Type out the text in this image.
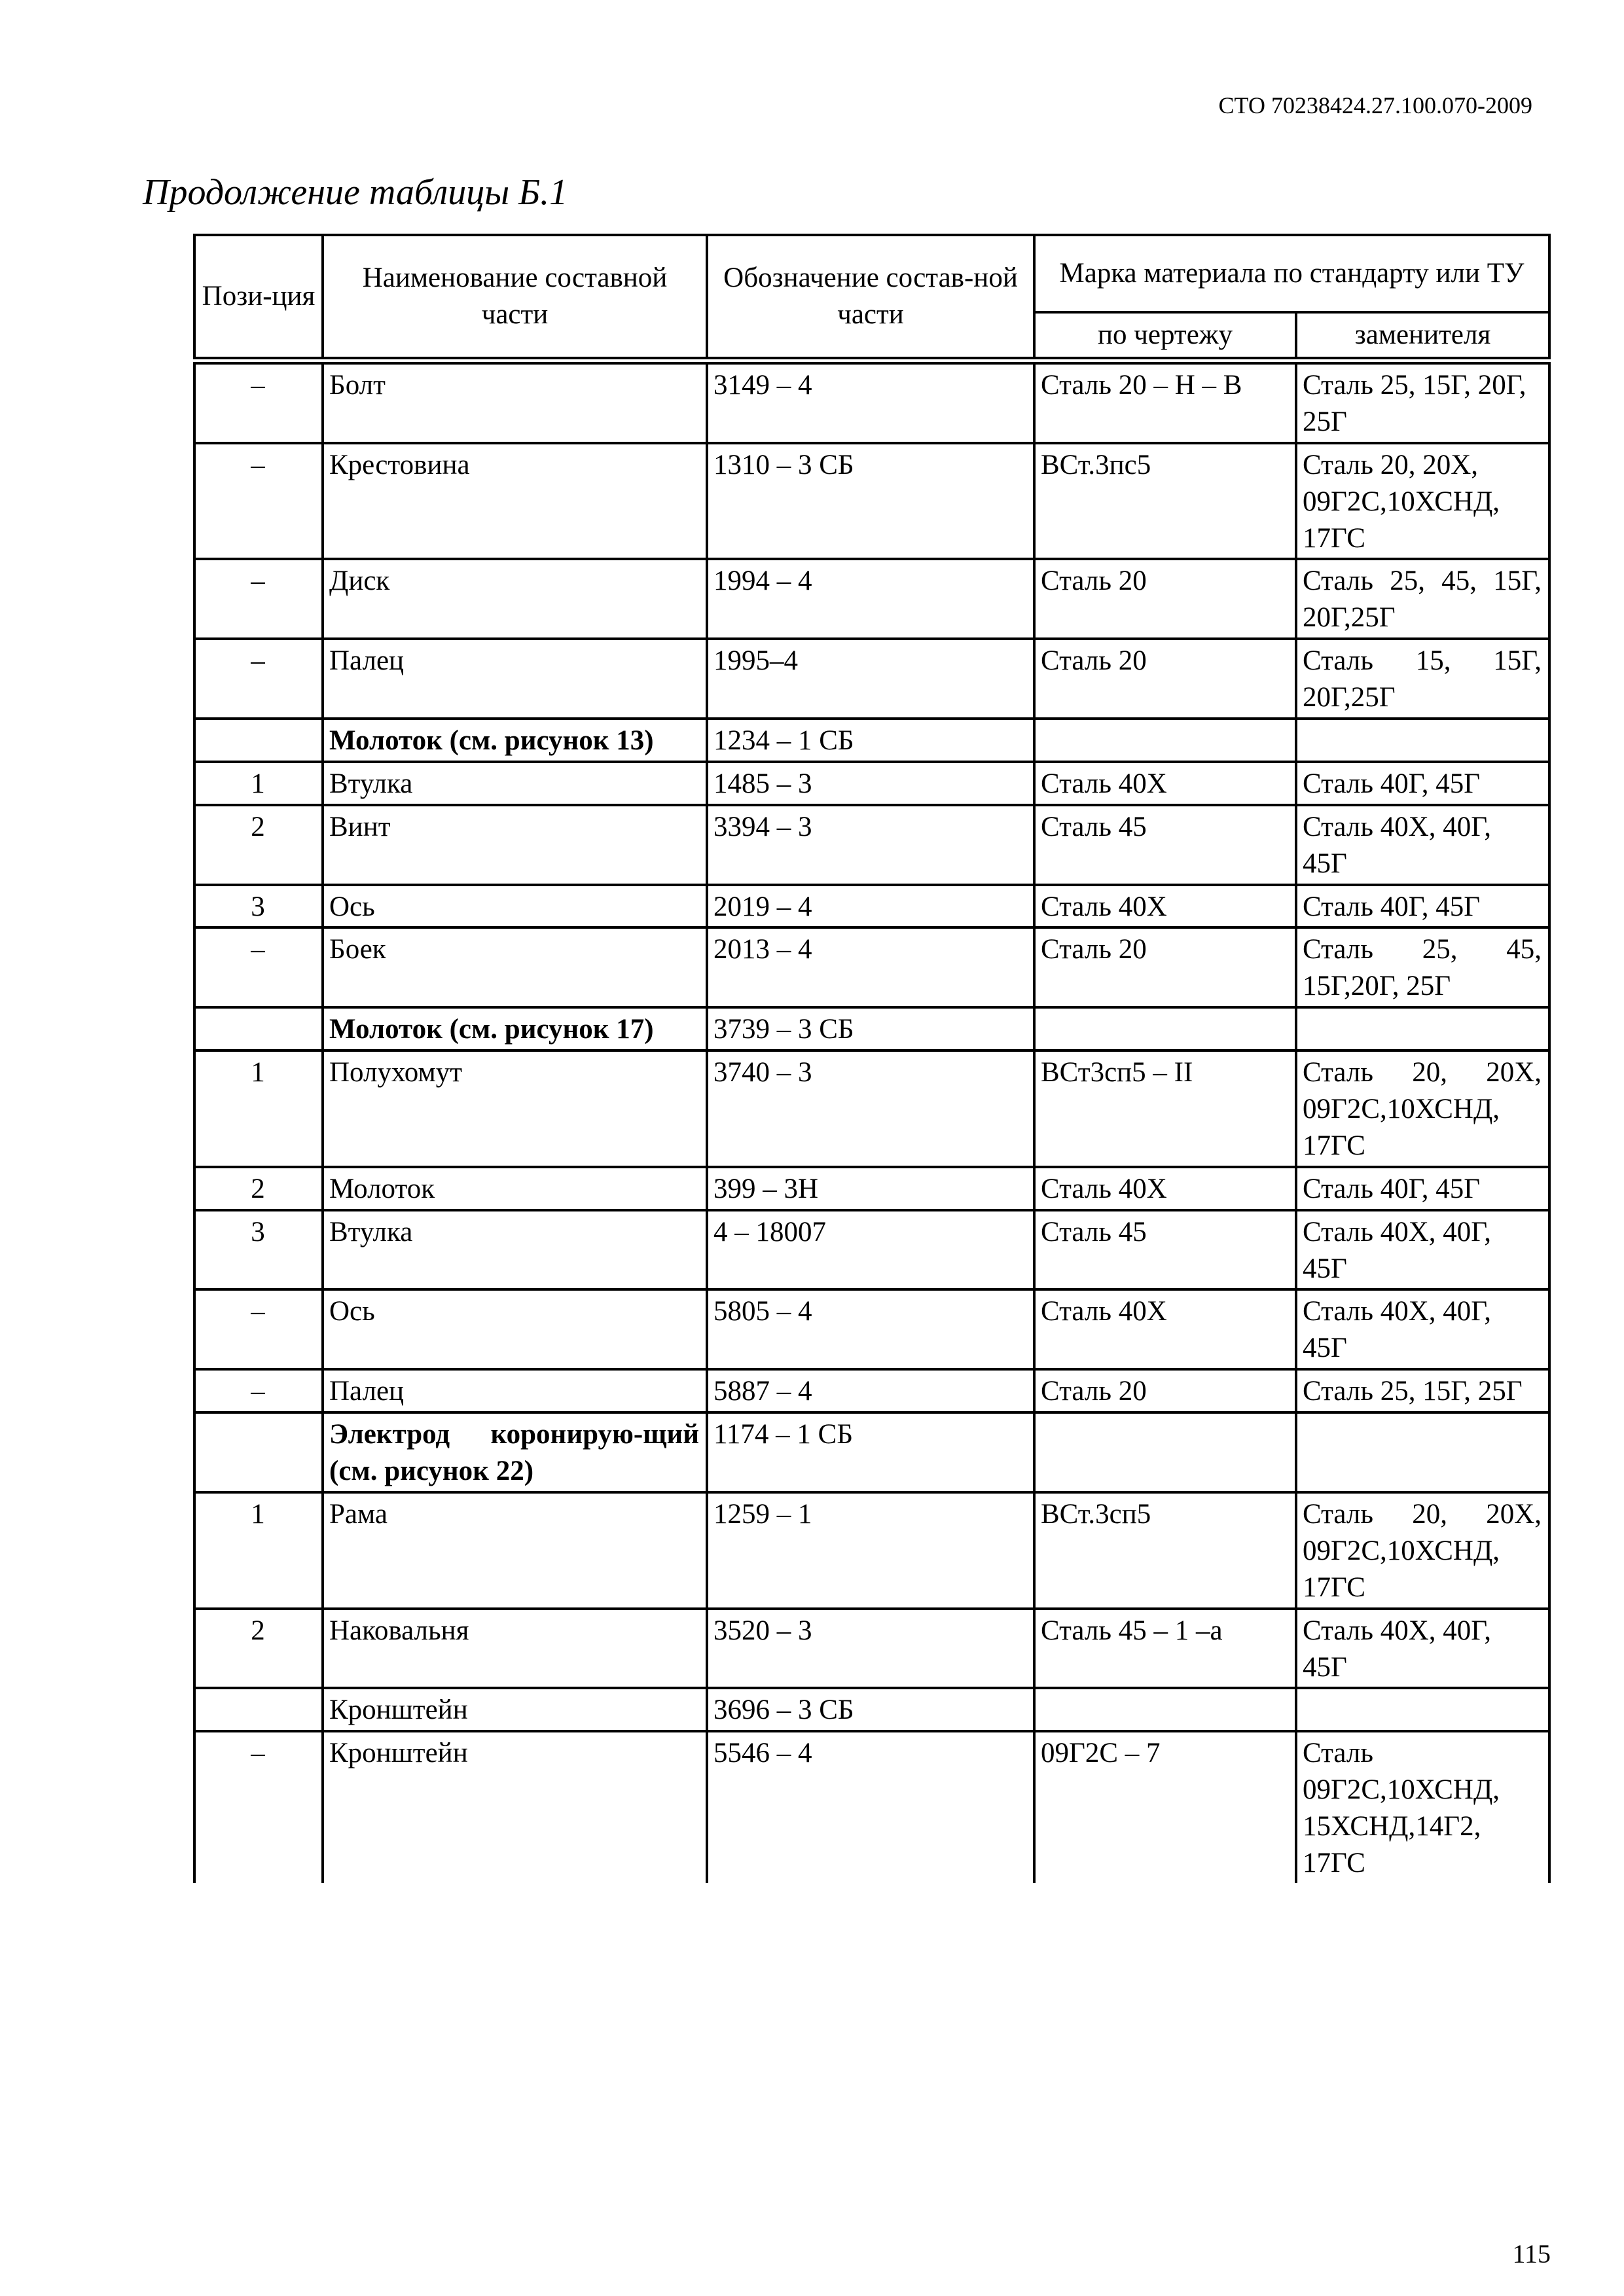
СТО 70238424.27.100.070-2009
Продолжение таблицы Б.1
Пози-ция	Наименование составной части	Обозначение состав-ной части	Марка материала по стандарту или ТУ	
			по чертежу	заменителя
–	Болт	3149 – 4	Сталь 20 – Н – В	Сталь 25, 15Г, 20Г, 25Г
–	Крестовина	1310 – 3 СБ	ВСт.3пс5	Сталь 20, 20Х, 09Г2С,10ХСНД, 17ГС
–	Диск	1994 – 4	Сталь 20	Сталь 25, 45, 15Г, 20Г,25Г
–	Палец	1995–4	Сталь 20	Сталь 15, 15Г, 20Г,25Г
	Молоток (см. рисунок 13)	1234 – 1 СБ		
1	Втулка	1485 – 3	Сталь 40Х	Сталь 40Г, 45Г
2	Винт	3394 – 3	Сталь 45	Сталь 40Х, 40Г, 45Г
3	Ось	2019 – 4	Сталь 40Х	Сталь 40Г, 45Г
–	Боек	2013 – 4	Сталь 20	Сталь 25, 45, 15Г,20Г, 25Г
	Молоток (см. рисунок 17)	3739 – 3 СБ		
1	Полухомут	3740 – 3	ВСт3сп5 – II	Сталь 20, 20Х, 09Г2С,10ХСНД, 17ГС
2	Молоток	399 – 3Н	Сталь 40Х	Сталь 40Г, 45Г
3	Втулка	4 – 18007	Сталь 45	Сталь 40Х, 40Г, 45Г
–	Ось	5805 – 4	Сталь 40Х	Сталь 40Х, 40Г, 45Г
–	Палец	5887 – 4	Сталь 20	Сталь 25, 15Г, 25Г
	Электрод коронирую-щий (см. рисунок 22)	1174 – 1 СБ		
1	Рама	1259 – 1	ВСт.3сп5	Сталь 20, 20Х, 09Г2С,10ХСНД, 17ГС
2	Наковальня	3520 – 3	Сталь 45 – 1 –а	Сталь 40Х, 40Г, 45Г
	Кронштейн	3696 – 3 СБ		
–	Кронштейн	5546 – 4	09Г2С – 7	Сталь 09Г2С,10ХСНД, 15ХСНД,14Г2, 17ГС
115
